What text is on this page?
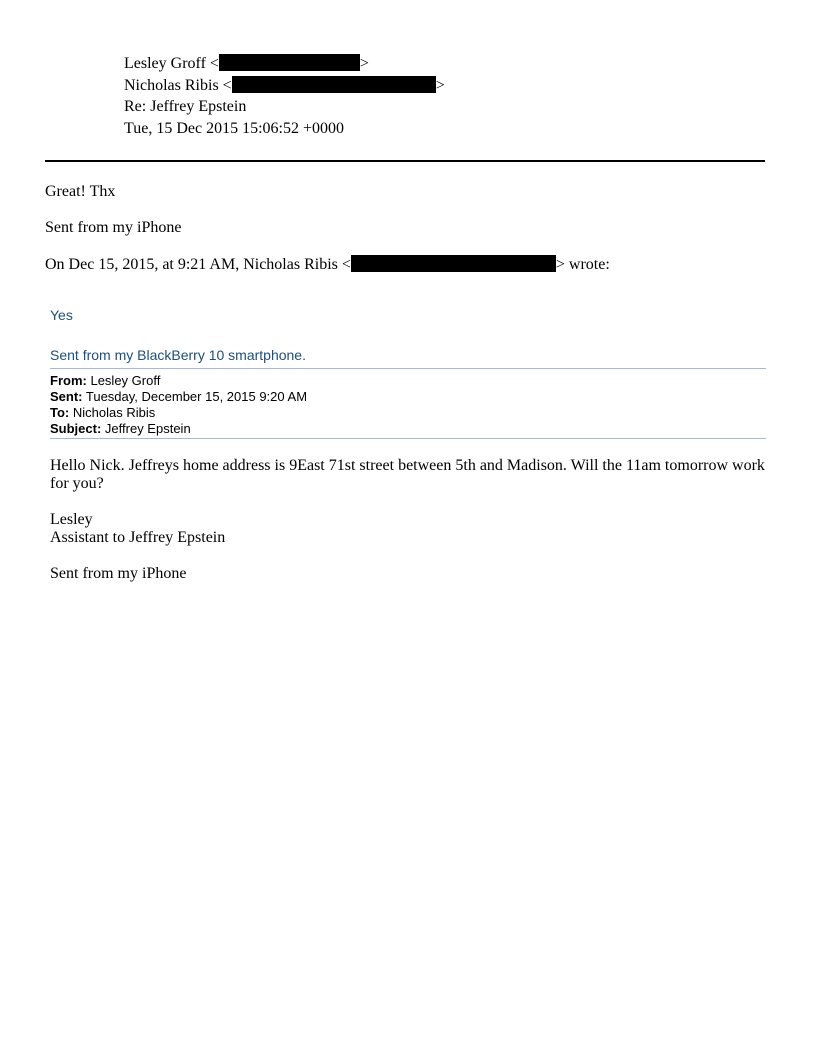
Lesley Groff <	>
Nicholas Ribis <	>
Re: Jeffrey Epstein
Tue, 15 Dec 2015 15:06:52 +0000
Great! Thx
Sent from my iPhone
On Dec 15, 2015, at 9:21 AM, Nicholas Ribis <	> wrote:
Yes
Sent from my BlackBerry 10 smartphone.
From: Lesley Groff
Sent: Tuesday, December 15, 2015 9:20 AM
To: Nicholas Ribis
Subject: Jeffrey Epstein
Hello Nick. Jeffreys home address is 9East 71st street between 5th and Madison. Will the 11am tomorrow work for you?
Lesley
Assistant to Jeffrey Epstein
Sent from my iPhone
